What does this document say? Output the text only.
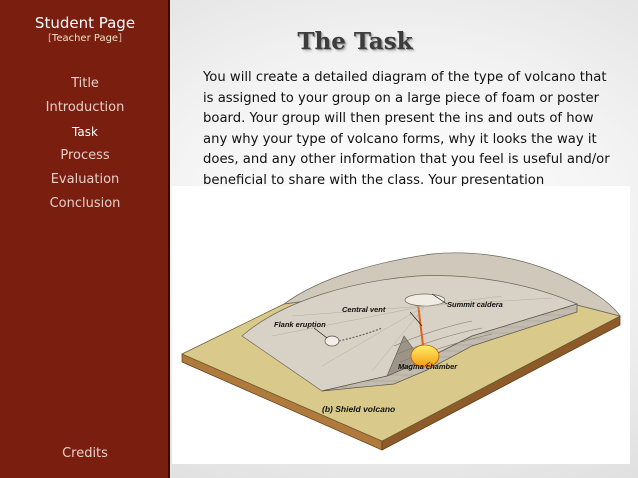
Student Page
[Teacher Page]
Title
Introduction
Task
Process
Evaluation
Conclusion
Credits
The Task
You will create a detailed diagram of the type of volcano that is assigned to your group on a large piece of foam or poster board. Your group will then present the ins and outs of how any why your type of volcano forms, why it looks the way it does, and any other information that you feel is useful and/or beneficial to share with the class. Your presentation
Summit caldera
Central vent
Flank eruption
Magma chamber
(b) Shield volcano
